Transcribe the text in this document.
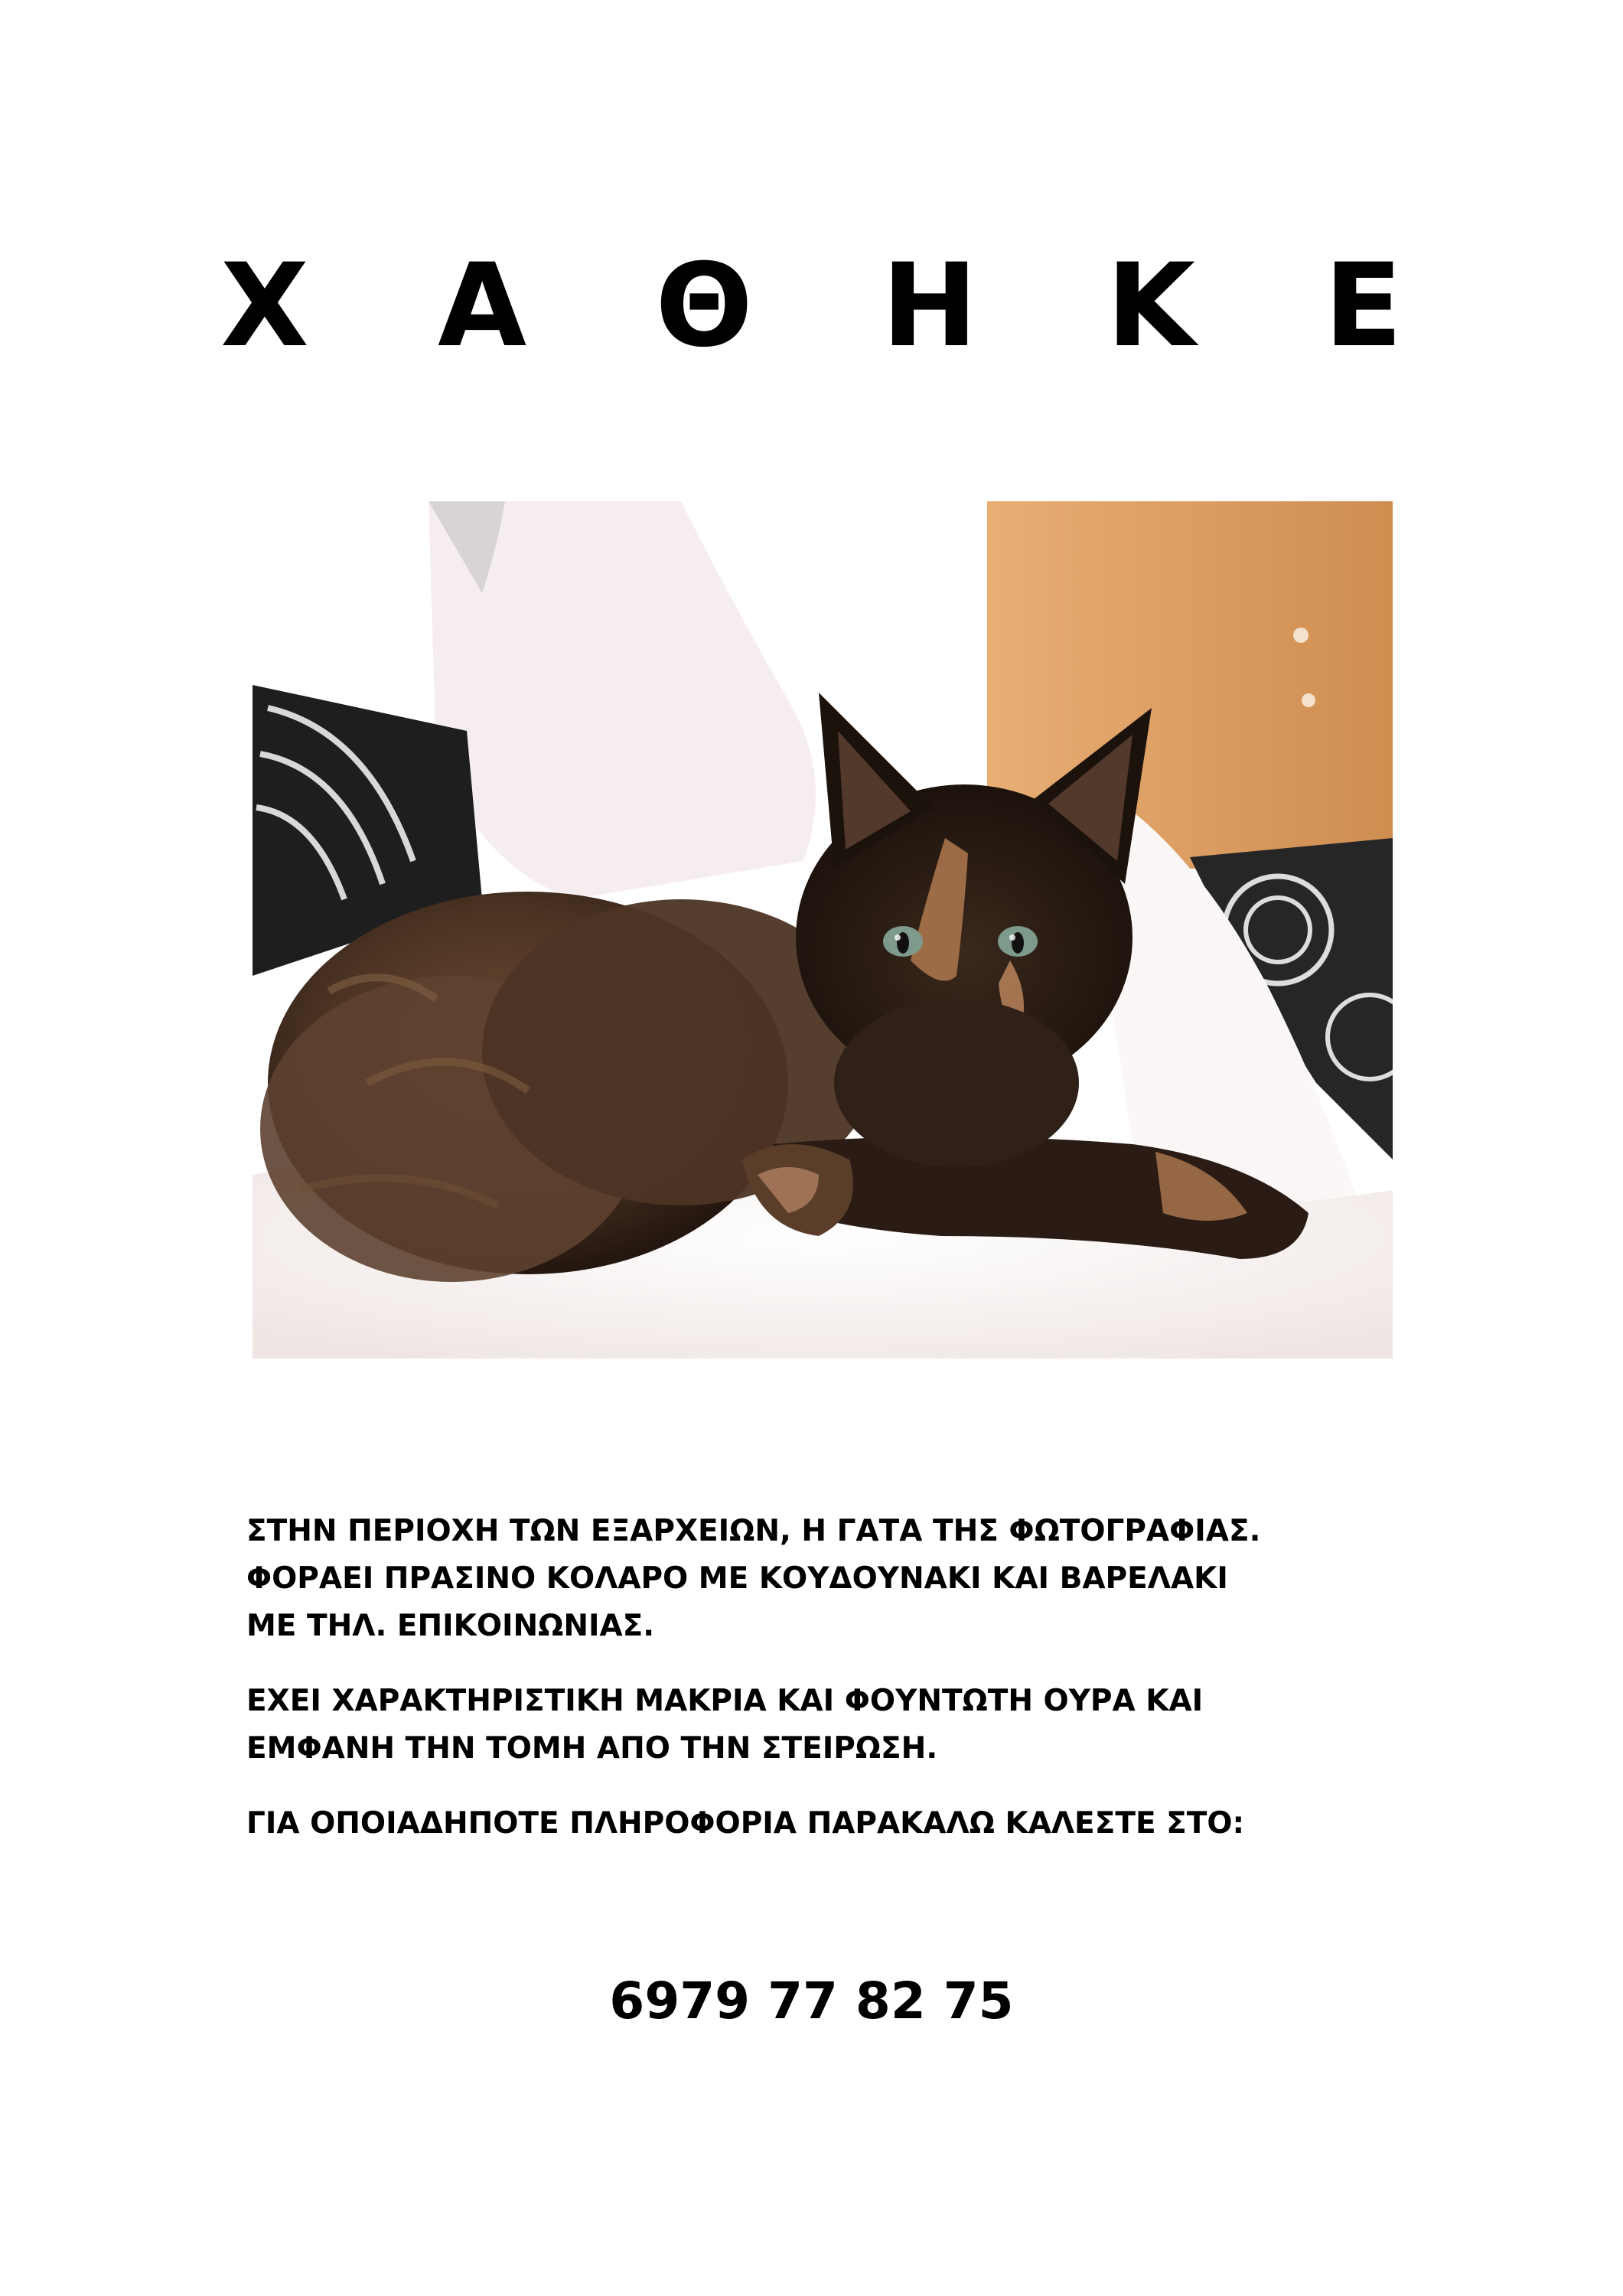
Χ Α Θ Η Κ Ε
ΣΤΗΝ ΠΕΡΙΟΧΗ ΤΩΝ ΕΞΑΡΧΕΙΩΝ, Η ΓΑΤΑ ΤΗΣ ΦΩΤΟΓΡΑΦΙΑΣ.
ΦΟΡΑΕΙ ΠΡΑΣΙΝΟ ΚΟΛΑΡΟ ΜΕ ΚΟΥΔΟΥΝΑΚΙ ΚΑΙ ΒΑΡΕΛΑΚΙ
ΜΕ ΤΗΛ. ΕΠΙΚΟΙΝΩΝΙΑΣ.
ΕΧΕΙ ΧΑΡΑΚΤΗΡΙΣΤΙΚΗ ΜΑΚΡΙΑ ΚΑΙ ΦΟΥΝΤΩΤΗ ΟΥΡΑ ΚΑΙ
ΕΜΦΑΝΗ ΤΗΝ ΤΟΜΗ ΑΠΟ ΤΗΝ ΣΤΕΙΡΩΣΗ.
ΓΙΑ ΟΠΟΙΑΔΗΠΟΤΕ ΠΛΗΡΟΦΟΡΙΑ ΠΑΡΑΚΑΛΩ ΚΑΛΕΣΤΕ ΣΤΟ:
6979 77 82 75
